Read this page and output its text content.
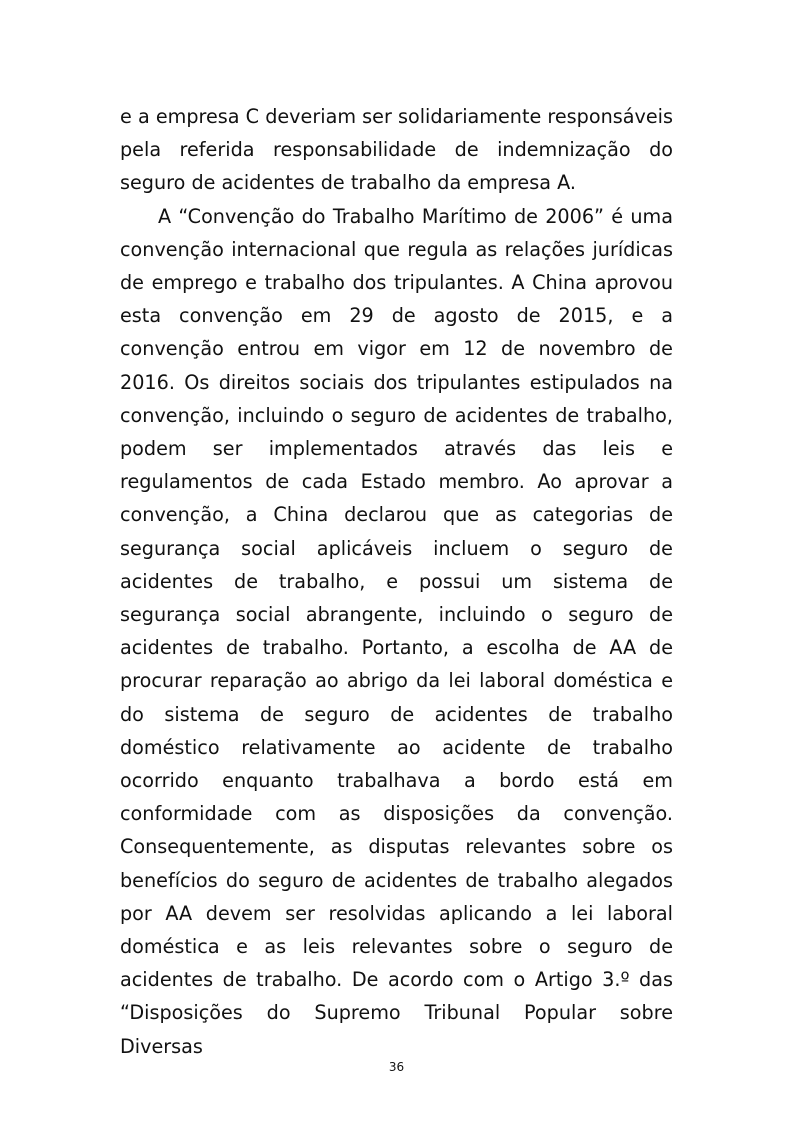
e a empresa C deveriam ser solidariamente responsáveis pela referida responsabilidade de indemnização do seguro de acidentes de trabalho da empresa A.

A “Convenção do Trabalho Marítimo de 2006” é uma convenção internacional que regula as relações jurídicas de emprego e trabalho dos tripulantes. A China aprovou esta convenção em 29 de agosto de 2015, e a convenção entrou em vigor em 12 de novembro de 2016. Os direitos sociais dos tripulantes estipulados na convenção, incluindo o seguro de acidentes de trabalho, podem ser implementados através das leis e regulamentos de cada Estado membro. Ao aprovar a convenção, a China declarou que as categorias de segurança social aplicáveis incluem o seguro de acidentes de trabalho, e possui um sistema de segurança social abrangente, incluindo o seguro de acidentes de trabalho. Portanto, a escolha de AA de procurar reparação ao abrigo da lei laboral doméstica e do sistema de seguro de acidentes de trabalho doméstico relativamente ao acidente de trabalho ocorrido enquanto trabalhava a bordo está em conformidade com as disposições da convenção. Consequentemente, as disputas relevantes sobre os benefícios do seguro de acidentes de trabalho alegados por AA devem ser resolvidas aplicando a lei laboral doméstica e as leis relevantes sobre o seguro de acidentes de trabalho. De acordo com o Artigo 3.º das “Disposições do Supremo Tribunal Popular sobre Diversas

36
